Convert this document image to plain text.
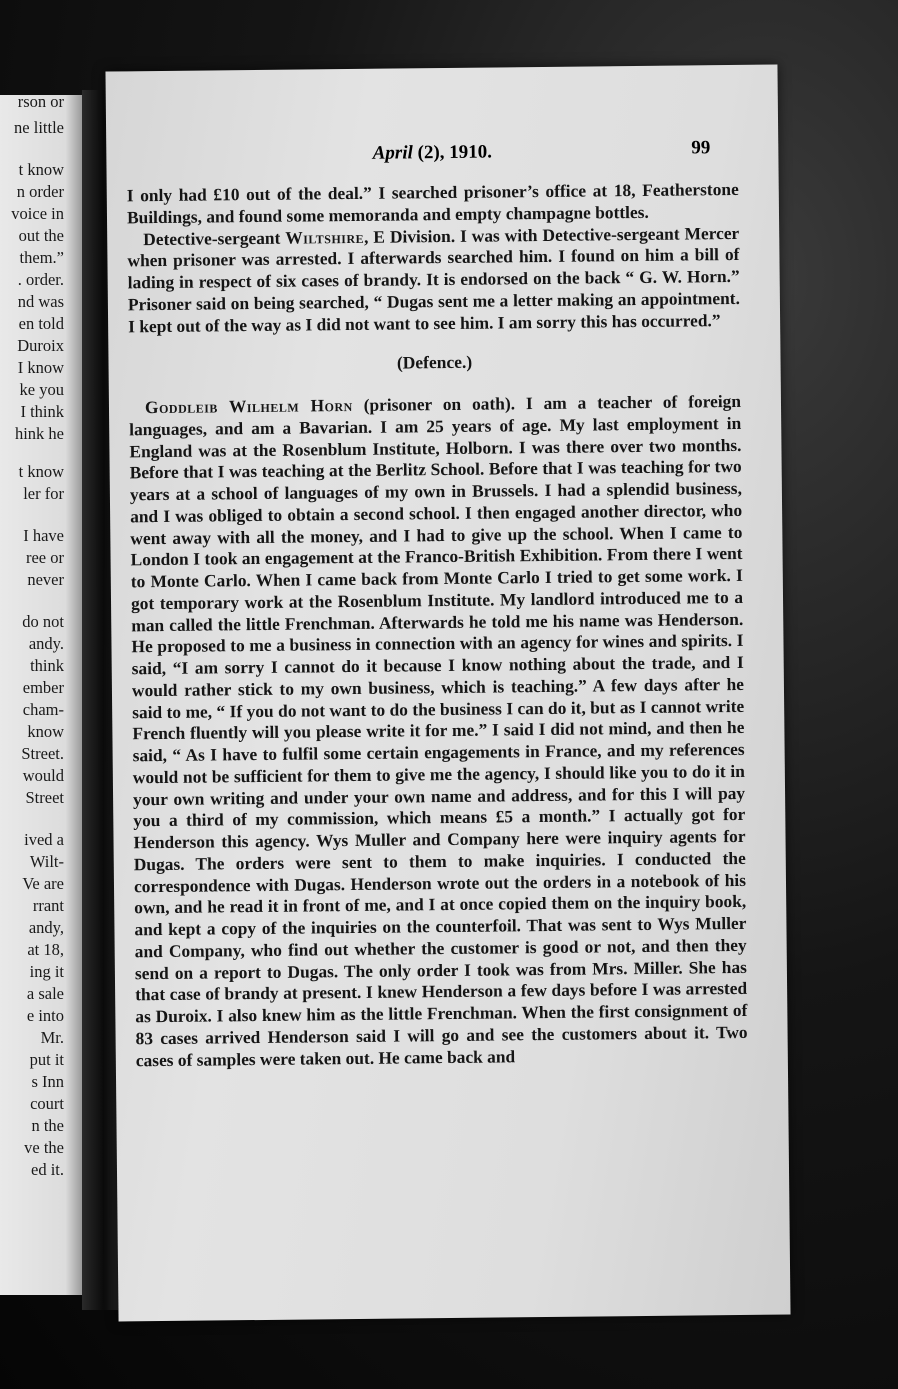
rson or
ne little
t know
n order
voice in
out the
them.”
. order.
nd was
en told
Duroix
I know
ke you
I think
hink he
t know
ler for
I have
ree or
never
do not
andy.
think
ember
cham-
know
Street.
would
Street
ived a
Wilt-
Ve are
rrant
andy,
at 18,
ing it
a sale
e into
Mr.
put it
s Inn
court
n the
ve the
ed it.
April (2), 1910.	99

I only had £10 out of the deal.” I searched prisoner’s office at 18, Featherstone Buildings, and found some memoranda and empty champagne bottles.

Detective-sergeant Wiltshire, E Division. I was with Detective-sergeant Mercer when prisoner was arrested. I afterwards searched him. I found on him a bill of lading in respect of six cases of brandy. It is endorsed on the back “ G. W. Horn.” Prisoner said on being searched, “ Dugas sent me a letter making an appointment. I kept out of the way as I did not want to see him. I am sorry this has occurred.”

(Defence.)

Goddleib Wilhelm Horn (prisoner on oath). I am a teacher of foreign languages, and am a Bavarian. I am 25 years of age. My last employment in England was at the Rosenblum Institute, Holborn. I was there over two months. Before that I was teaching at the Berlitz School. Before that I was teaching for two years at a school of languages of my own in Brussels. I had a splendid business, and I was obliged to obtain a second school. I then engaged another director, who went away with all the money, and I had to give up the school. When I came to London I took an engagement at the Franco-British Exhibition. From there I went to Monte Carlo. When I came back from Monte Carlo I tried to get some work. I got temporary work at the Rosenblum Institute. My landlord introduced me to a man called the little Frenchman. Afterwards he told me his name was Henderson. He proposed to me a business in connection with an agency for wines and spirits. I said, “I am sorry I cannot do it because I know nothing about the trade, and I would rather stick to my own business, which is teaching.” A few days after he said to me, “ If you do not want to do the business I can do it, but as I cannot write French fluently will you please write it for me.” I said I did not mind, and then he said, “ As I have to fulfil some certain engagements in France, and my references would not be sufficient for them to give me the agency, I should like you to do it in your own writing and under your own name and address, and for this I will pay you a third of my commission, which means £5 a month.” I actually got for Henderson this agency. Wys Muller and Company here were inquiry agents for Dugas. The orders were sent to them to make inquiries. I conducted the correspondence with Dugas. Henderson wrote out the orders in a notebook of his own, and he read it in front of me, and I at once copied them on the inquiry book, and kept a copy of the inquiries on the counterfoil. That was sent to Wys Muller and Company, who find out whether the customer is good or not, and then they send on a report to Dugas. The only order I took was from Mrs. Miller. She has that case of brandy at present. I knew Henderson a few days before I was arrested as Duroix. I also knew him as the little Frenchman. When the first consignment of 83 cases arrived Henderson said I will go and see the customers about it. Two cases of samples were taken out. He came back and
